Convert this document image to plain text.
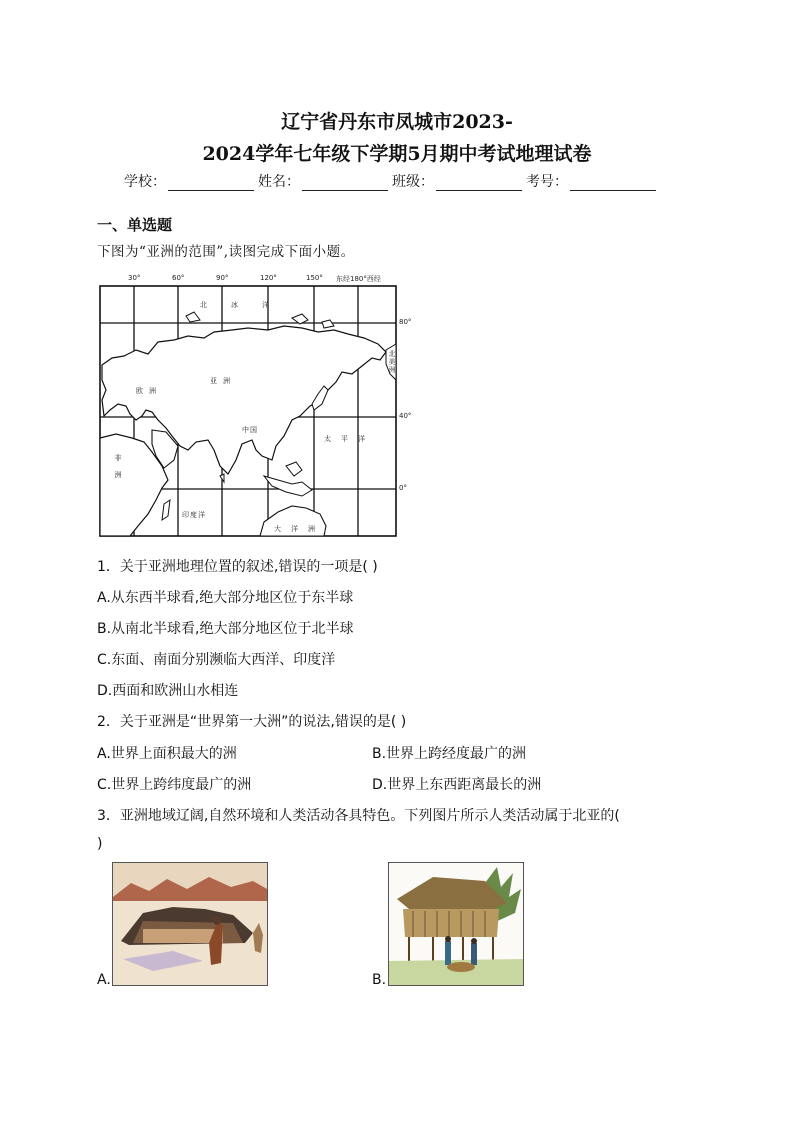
辽宁省丹东市凤城市2023-
2024学年七年级下学期5月期中考试地理试卷
学校：	姓名：	班级：	考号：
一、单选题
下图为“亚洲的范围”,读图完成下面小题。
30°	60°	90°	120°	150° 东经180°西经
80°
40°
0°
北冰洋
欧洲
亚洲
中国
太平洋
非洲
印度洋
大洋洲
北美洲
1．关于亚洲地理位置的叙述,错误的一项是( )
A.从东西半球看,绝大部分地区位于东半球
B.从南北半球看,绝大部分地区位于北半球
C.东面、南面分别濒临大西洋、印度洋
D.西面和欧洲山水相连
2．关于亚洲是“世界第一大洲”的说法,错误的是( )
A.世界上面积最大的洲	B.世界上跨经度最广的洲
C.世界上跨纬度最广的洲	D.世界上东西距离最长的洲
3．亚洲地域辽阔,自然环境和人类活动各具特色。下列图片所示人类活动属于北亚的(
)
A.	B.
